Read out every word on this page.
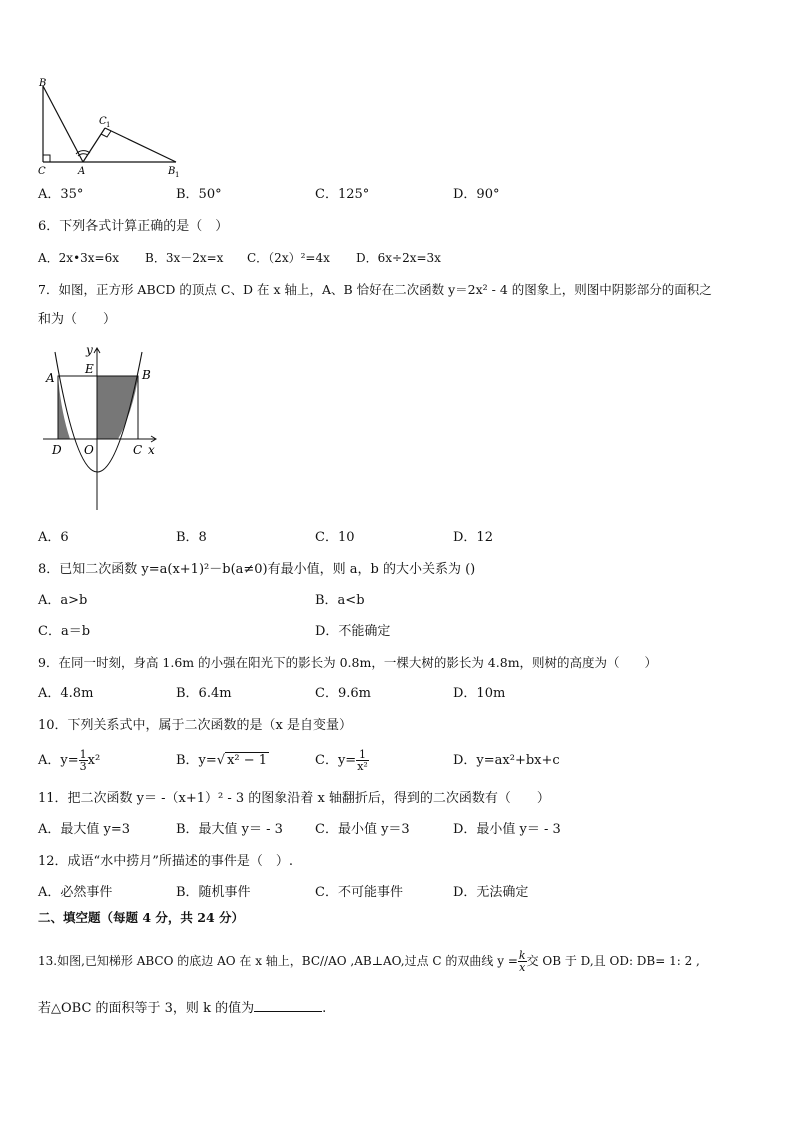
B
C	A
C 1
B 1
A．35°	B．50°	C．125°	D．90°
6．下列各式计算正确的是（　）
A．2x•3x=6x B．3x－2x=x C．（2x）²=4x D．6x÷2x=3x
7．如图，正方形 ABCD 的顶点 C、D 在 x 轴上，A、B 恰好在二次函数 y＝2x² - 4 的图象上，则图中阴影部分的面积之
和为（　　）
y
E
A	B
D O	C x
A．6	B．8	C．10	D．12
8．已知二次函数 y=a(x+1)²－b(a≠0)有最小值，则 a，b 的大小关系为 ()
A．a>b	B．a<b
C．a＝b	D．不能确定
9．在同一时刻，身高 1.6m 的小强在阳光下的影长为 0.8m，一棵大树的影长为 4.8m，则树的高度为（　　）
A．4.8m	B．6.4m	C．9.6m	D．10m
10．下列关系式中，属于二次函数的是（x 是自变量）
A．$y= \frac{1}{3} x^2$	B．y=√ x² − 1	C．$y= \frac{1}{\text{x²}}$	D．y=ax²+bx+c
11．把二次函数 y＝ -（x+1）² - 3 的图象沿着 x 轴翻折后，得到的二次函数有（　　）
A．最大值 y=3	B．最大值 y＝ - 3 C．最小值 y＝3	D．最小值 y＝ - 3
12．成语“水中捞月”所描述的事件是（　）.
A．必然事件	B．随机事件	C．不可能事件	D．无法确定
二、填空题（每题 4 分，共 24 分）
13.如图,已知梯形 ABCO 的底边 AO 在 x 轴上，BC//AO ,AB⊥AO,过点 C 的双曲线 $y = \frac{k}{x}$ 交 OB 于 D,且 OD: DB= 1: 2 ,
若△OBC 的面积等于 3，则 k 的值为	.
